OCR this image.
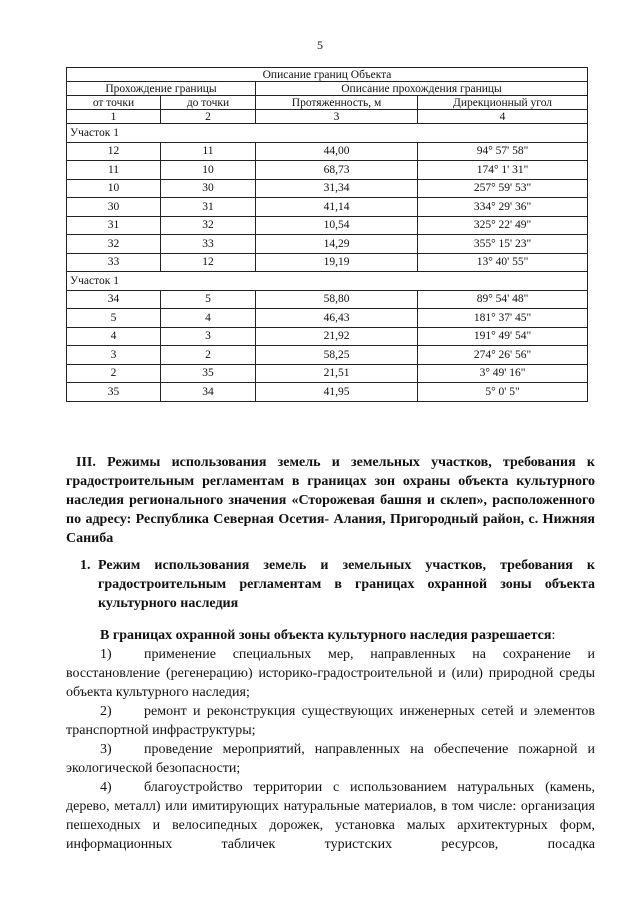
5
Описание границ Объекта			
Прохождение границы		Описание прохождения границы	
от точки	до точки	Протяженность, м	Дирекционный угол
1	2	3	4
Участок 1			
12	11	44,00	94° 57' 58"
11	10	68,73	174° 1' 31"
10	30	31,34	257° 59' 53"
30	31	41,14	334° 29' 36"
31	32	10,54	325° 22' 49"
32	33	14,29	355° 15' 23"
33	12	19,19	13° 40' 55"
Участок 1			
34	5	58,80	89° 54' 48"
5	4	46,43	181° 37' 45"
4	3	21,92	191° 49' 54"
3	2	58,25	274° 26' 56"
2	35	21,51	3° 49' 16"
35	34	41,95	5° 0' 5"
III. Режимы использования земель и земельных участков, требования к
градостроительным регламентам в границах зон охраны объекта культурного наследия регионального значения «Сторожевая башня и склеп», расположенного по адресу: Республика Северная Осетия- Алания, Пригородный район, с. Нижняя Саниба
1. Режим использования земель и земельных участков, требования к градостроительным регламентам в границах охранной зоны объекта культурного наследия

В границах охранной зоны объекта культурного наследия разрешается:

1) применение специальных мер, направленных на сохранение и восстановление (регенерацию) историко-градостроительной и (или) природной среды объекта культурного наследия;

2) ремонт и реконструкция существующих инженерных сетей и элементов транспортной инфраструктуры;

3) проведение мероприятий, направленных на обеспечение пожарной и экологической безопасности;

4) благоустройство территории с использованием натуральных (камень, дерево, металл) или имитирующих натуральные материалов, в том числе: организация пешеходных и велосипедных дорожек, установка малых архитектурных форм, информационных табличек туристских ресурсов, посадка
